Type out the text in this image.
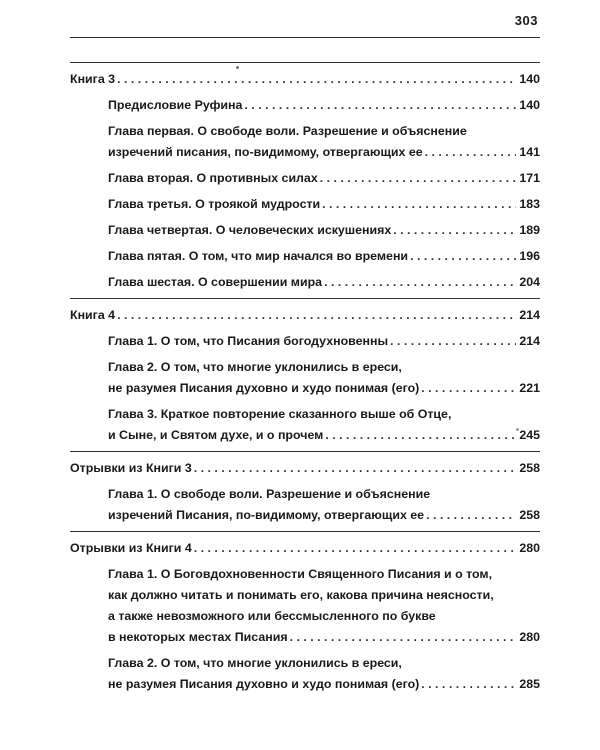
303
Книга 3 . . .	140
Предисловие Руфина . . .	140
Глава первая. О свободе воли. Разрешение и объяснение
изречений писания, по-видимому, отвергающих ее . . .	141
Глава вторая. О противных силах . . .	171
Глава третья. О троякой мудрости . . .	183
Глава четвертая. О человеческих искушениях . . .	189
Глава пятая. О том, что мир начался во времени . . .	196
Глава шестая. О совершении мира . . .	204
Книга 4 . . .	214
Глава 1. О том, что Писания богодухновенны . . .	214
Глава 2. О том, что многие уклонились в ереси,
не разумея Писания духовно и худо понимая (его) . . .	221
Глава 3. Краткое повторение сказанного выше об Отце,
и Сыне, и Святом духе, и о прочем . . .	245
Отрывки из Книги 3 . . .	258
Глава 1. О свободе воли. Разрешение и объяснение
изречений Писания, по-видимому, отвергающих ее . . .	258
Отрывки из Книги 4 . . .	280
Глава 1. О Боговдохновенности Священного Писания и о том,
как должно читать и понимать его, какова причина неясности,
а также невозможного или бессмысленного по букве
в некоторых местах Писания . . .	280
Глава 2. О том, что многие уклонились в ереси,
не разумея Писания духовно и худо понимая (его) . . .	285
